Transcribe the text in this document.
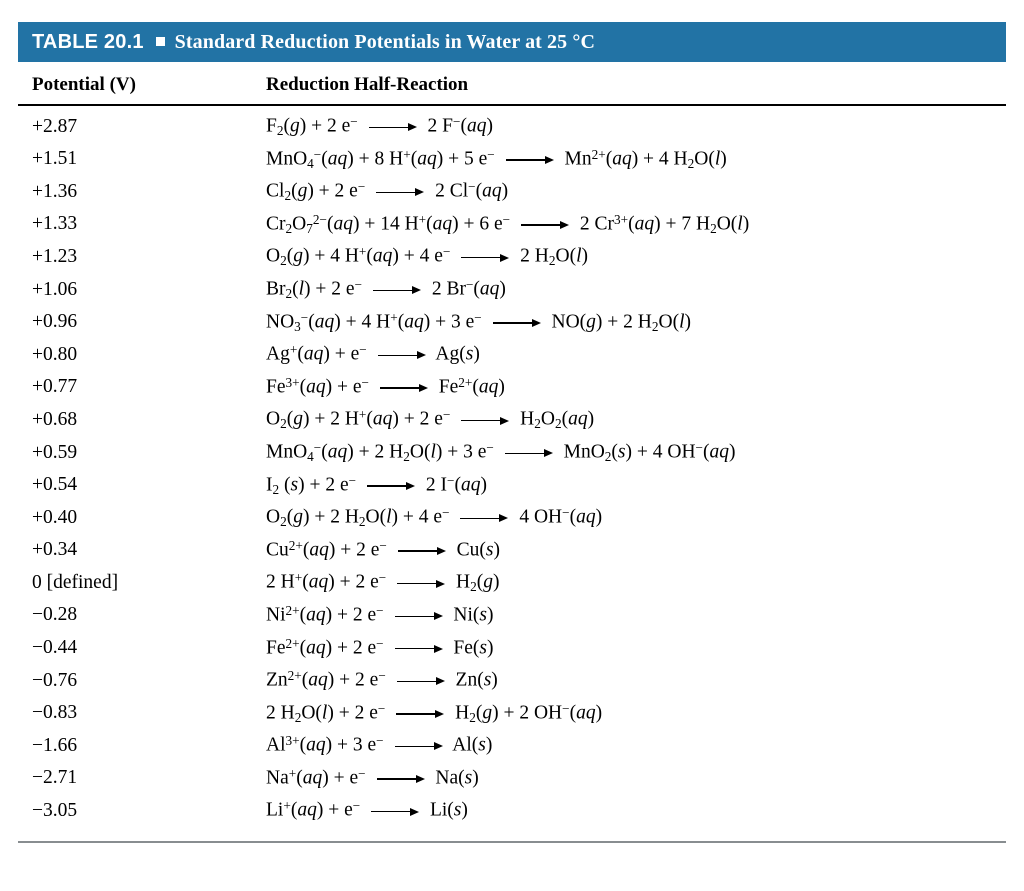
TABLE 20.1 Standard Reduction Potentials in Water at 25 °C
Potential (V)	Reduction Half-Reaction
+2.87	$F_2(g) + 2$ e−	2 F−(aq)
+1.51	MnO$_4$−(aq) + 8 H+(aq) + 5 e−	$Mn^{2+}(aq) + 4$ $H_2O(l)$
+1.36	$Cl_2(g) + 2$ e−	2 Cl−(aq)
+1.33	$Cr_2O_7^{2-}(aq) + 14$ H+(aq) + 6 e−	2 $Cr^{3+}(aq) + 7$ $H_2O(l)$
+1.23	$O_2(g) + 4$ H+(aq) + 4 e−	2 $H_2O(l)$
+1.06	$Br_2(l) + 2$ e−	2 Br−(aq)
+0.96	$NO_3^-(aq) + 4$ H+(aq) + 3 e−	NO(g) + 2 $H_2O(l)$
+0.80	Ag+(aq) + e−	Ag(s)
+0.77	$Fe^{3+}(aq) + e^-$	$Fe^{2+}(aq)$
+0.68	$O_2(g) + 2$ H+(aq) + 2 e−	$H_2O_2(aq)$
+0.59	MnO$_4$−(aq) + 2 $H_2O(l) + 3$ e−	MnO$_2$(s) + 4 OH−(aq)
+0.54	$I_2$ (s) + 2 e−	2 I−(aq)
+0.40	$O_2(g) + 2$ $H_2O(l) + 4$ e−	4 OH−(aq)
+0.34	$Cu^{2+}(aq) + 2$ e−	Cu(s)
0 [defined]	2 H+(aq) + 2 e−	$H_2(g)$
−0.28	$Ni^{2+}(aq) + 2$ e−	Ni(s)
−0.44	$Fe^{2+}(aq) + 2$ e−	Fe(s)
−0.76	$Zn^{2+}(aq) + 2$ e−	Zn(s)
−0.83	2 $H_2O(l) + 2$ e−	$H_2(g) + 2$ OH−(aq)
−1.66	$Al^{3+}(aq) + 3$ e−	Al(s)
−2.71	Na+(aq) + e−	Na(s)
−3.05	Li+(aq) + e−	Li(s)
